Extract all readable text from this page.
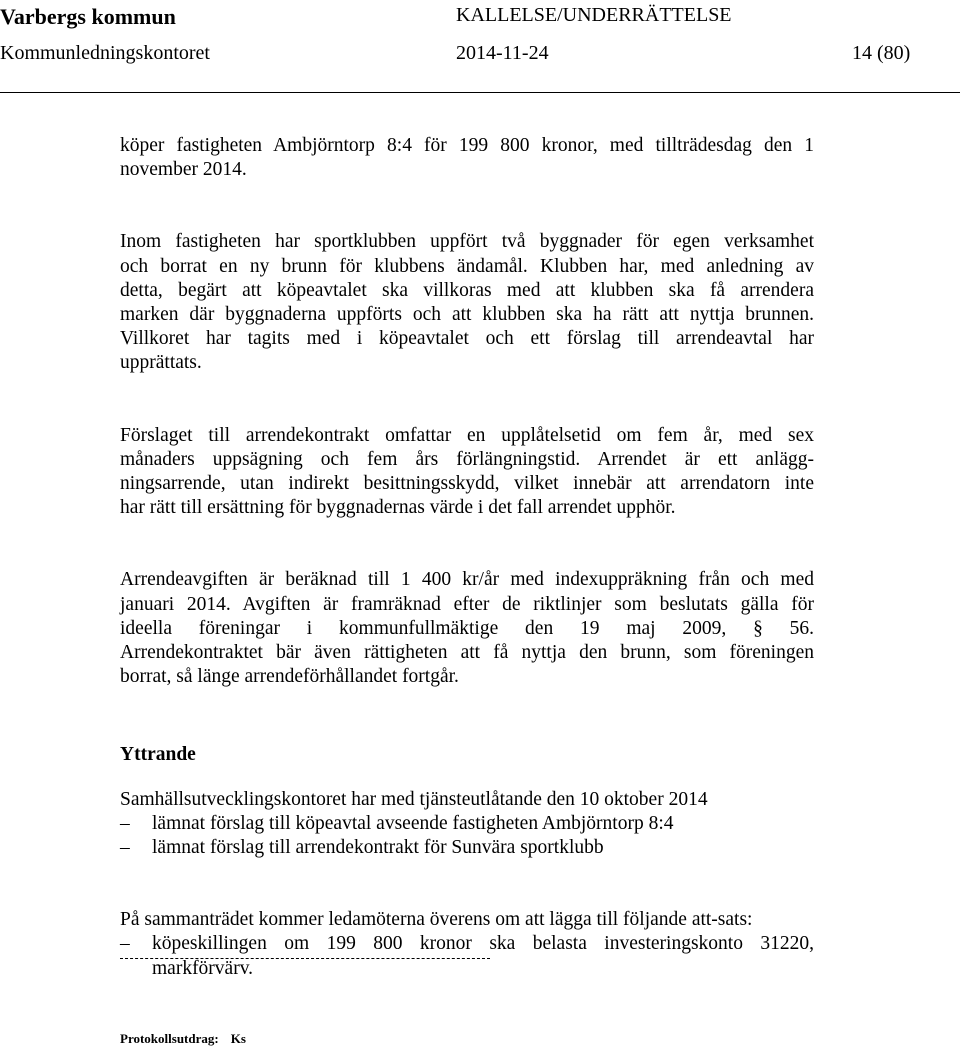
Varbergs kommun	KALLELSE/UNDERRÄTTELSE
Kommunledningskontoret	2014-11-24	14 (80)

köper fastigheten Ambjörntorp 8:4 för 199 800 kronor, med tillträdesdag den 1
november 2014.

Inom fastigheten har sportklubben uppfört två byggnader för egen verksamhet
och borrat en ny brunn för klubbens ändamål. Klubben har, med anledning av
detta, begärt att köpeavtalet ska villkoras med att klubben ska få arrendera
marken där byggnaderna uppförts och att klubben ska ha rätt att nyttja brunnen.
Villkoret har tagits med i köpeavtalet och ett förslag till arrendeavtal har
upprättats.

Förslaget till arrendekontrakt omfattar en upplåtelsetid om fem år, med sex
månaders uppsägning och fem års förlängningstid. Arrendet är ett anlägg-
ningsarrende, utan indirekt besittningsskydd, vilket innebär att arrendatorn inte
har rätt till ersättning för byggnadernas värde i det fall arrendet upphör.

Arrendeavgiften är beräknad till 1 400 kr/år med indexuppräkning från och med
januari 2014. Avgiften är framräknad efter de riktlinjer som beslutats gälla för
ideella föreningar i kommunfullmäktige den 19 maj 2009, § 56.
Arrendekontraktet bär även rättigheten att få nyttja den brunn, som föreningen
borrat, så länge arrendeförhållandet fortgår.

Yttrande

Samhällsutvecklingskontoret har med tjänsteutlåtande den 10 oktober 2014

–	lämnat förslag till köpeavtal avseende fastigheten Ambjörntorp 8:4
–	lämnat förslag till arrendekontrakt för Sunvära sportklubb

På sammanträdet kommer ledamöterna överens om att lägga till följande att-sats:

–	köpeskillingen om 199 800 kronor ska belasta investeringskonto 31220, markförvärv.
Protokollsutdrag: Ks
